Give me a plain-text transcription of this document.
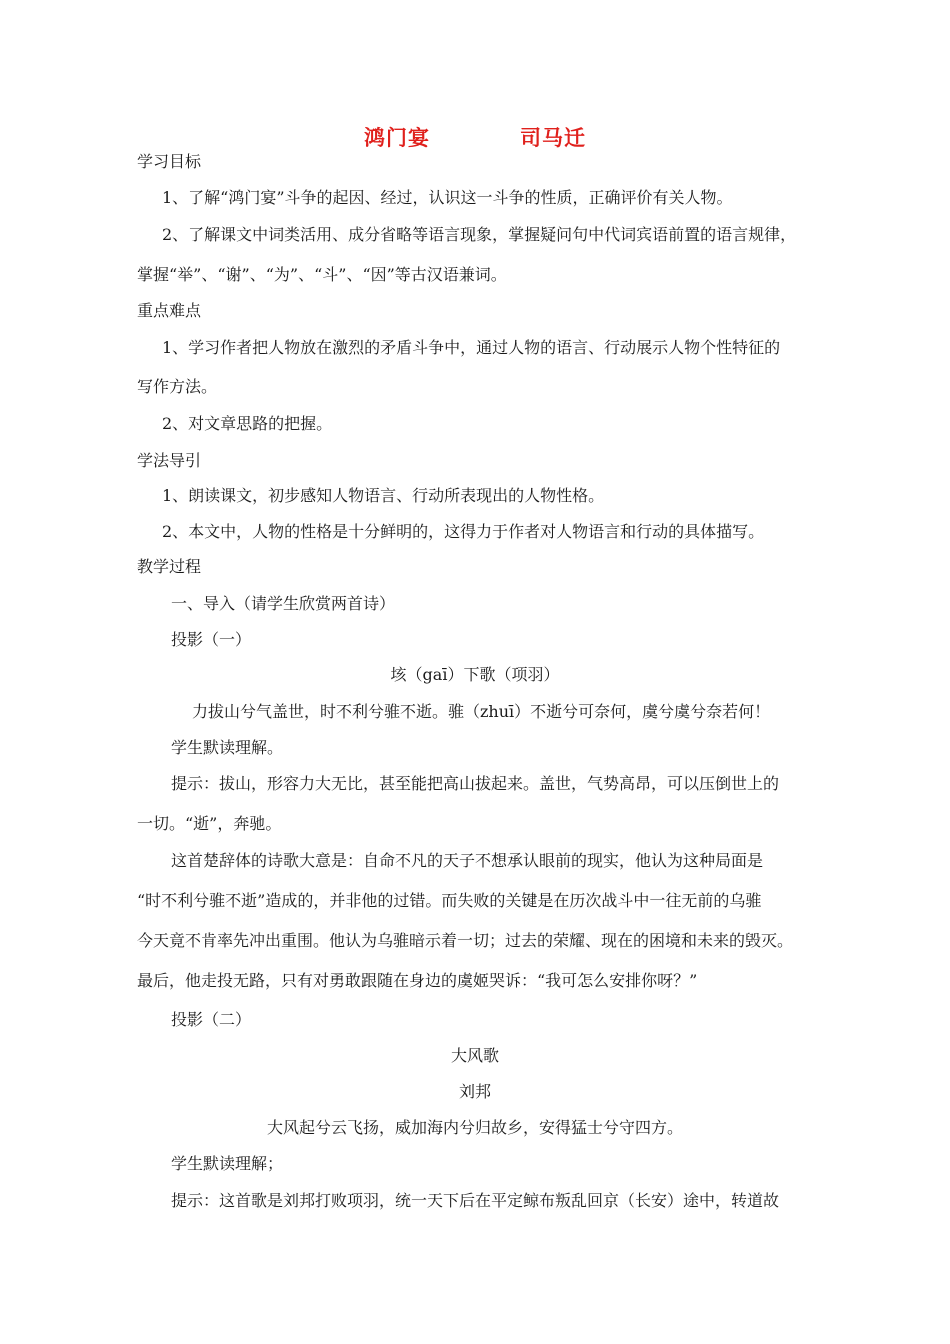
鸿门宴	司马迁
学习目标
1、了解“鸿门宴”斗争的起因、经过，认识这一斗争的性质，正确评价有关人物。
2、了解课文中词类活用、成分省略等语言现象，掌握疑问句中代词宾语前置的语言规律，
掌握“举”、“谢”、“为”、“斗”、“因”等古汉语兼词。
重点难点
1、学习作者把人物放在激烈的矛盾斗争中，通过人物的语言、行动展示人物个性特征的
写作方法。
2、对文章思路的把握。
学法导引
1、朗读课文，初步感知人物语言、行动所表现出的人物性格。
2、本文中，人物的性格是十分鲜明的，这得力于作者对人物语言和行动的具体描写。
教学过程
一、导入（请学生欣赏两首诗）
投影（一）
垓（gaī）下歌（项羽）
力拔山兮气盖世，时不利兮骓不逝。骓（zhuī）不逝兮可奈何，虞兮虞兮奈若何！
学生默读理解。
提示：拔山，形容力大无比，甚至能把高山拔起来。盖世，气势高昂，可以压倒世上的
一切。“逝”，奔驰。
这首楚辞体的诗歌大意是：自命不凡的天子不想承认眼前的现实，他认为这种局面是
“时不利兮骓不逝”造成的，并非他的过错。而失败的关键是在历次战斗中一往无前的乌骓
今天竟不肯率先冲出重围。他认为乌骓暗示着一切；过去的荣耀、现在的困境和未来的毁灭。
最后，他走投无路，只有对勇敢跟随在身边的虞姬哭诉：“我可怎么安排你呀？”
投影（二）
大风歌
刘邦
大风起兮云飞扬，威加海内兮归故乡，安得猛士兮守四方。
学生默读理解；
提示：这首歌是刘邦打败项羽，统一天下后在平定鲸布叛乱回京（长安）途中，转道故
